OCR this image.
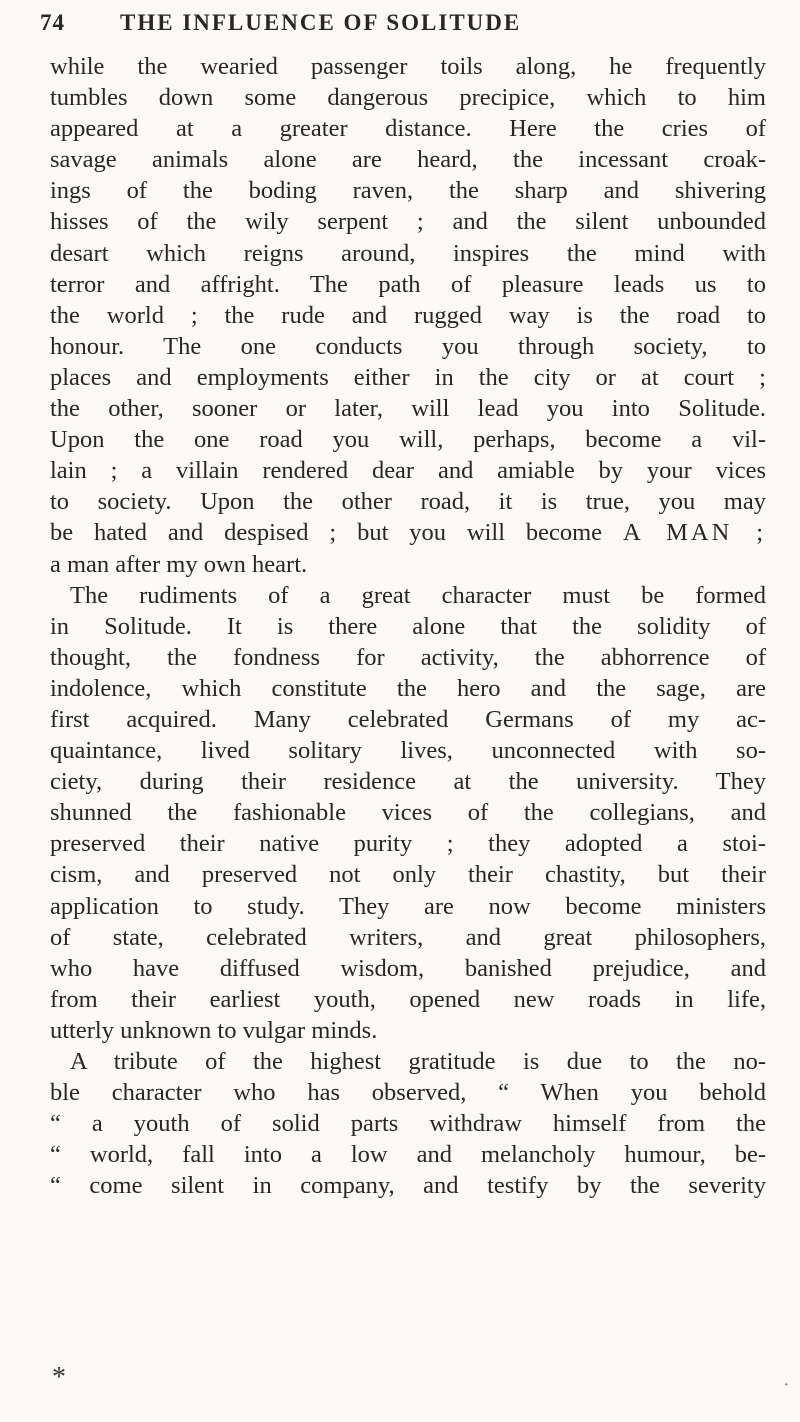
74 THE INFLUENCE OF SOLITUDE
while the wearied passenger toils along, he frequently
tumbles down some dangerous precipice, which to him
appeared at a greater distance. Here the cries of
savage animals alone are heard, the incessant croak-
ings of the boding raven, the sharp and shivering
hisses of the wily serpent ; and the silent unbounded
desart which reigns around, inspires the mind with
terror and affright. The path of pleasure leads us to
the world ; the rude and rugged way is the road to
honour. The one conducts you through society, to
places and employments either in the city or at court ;
the other, sooner or later, will lead you into Solitude.
Upon the one road you will, perhaps, become a vil-
lain ; a villain rendered dear and amiable by your vices
to society. Upon the other road, it is true, you may
be hated and despised ; but you will become A MAN ;
a man after my own heart.
The rudiments of a great character must be formed
in Solitude. It is there alone that the solidity of
thought, the fondness for activity, the abhorrence of
indolence, which constitute the hero and the sage, are
first acquired. Many celebrated Germans of my ac-
quaintance, lived solitary lives, unconnected with so-
ciety, during their residence at the university. They
shunned the fashionable vices of the collegians, and
preserved their native purity ; they adopted a stoi-
cism, and preserved not only their chastity, but their
application to study. They are now become ministers
of state, celebrated writers, and great philosophers,
who have diffused wisdom, banished prejudice, and
from their earliest youth, opened new roads in life,
utterly unknown to vulgar minds.
A tribute of the highest gratitude is due to the no-
ble character who has observed, “ When you behold
“ a youth of solid parts withdraw himself from the
“ world, fall into a low and melancholy humour, be-
“ come silent in company, and testify by the severity
*	·
